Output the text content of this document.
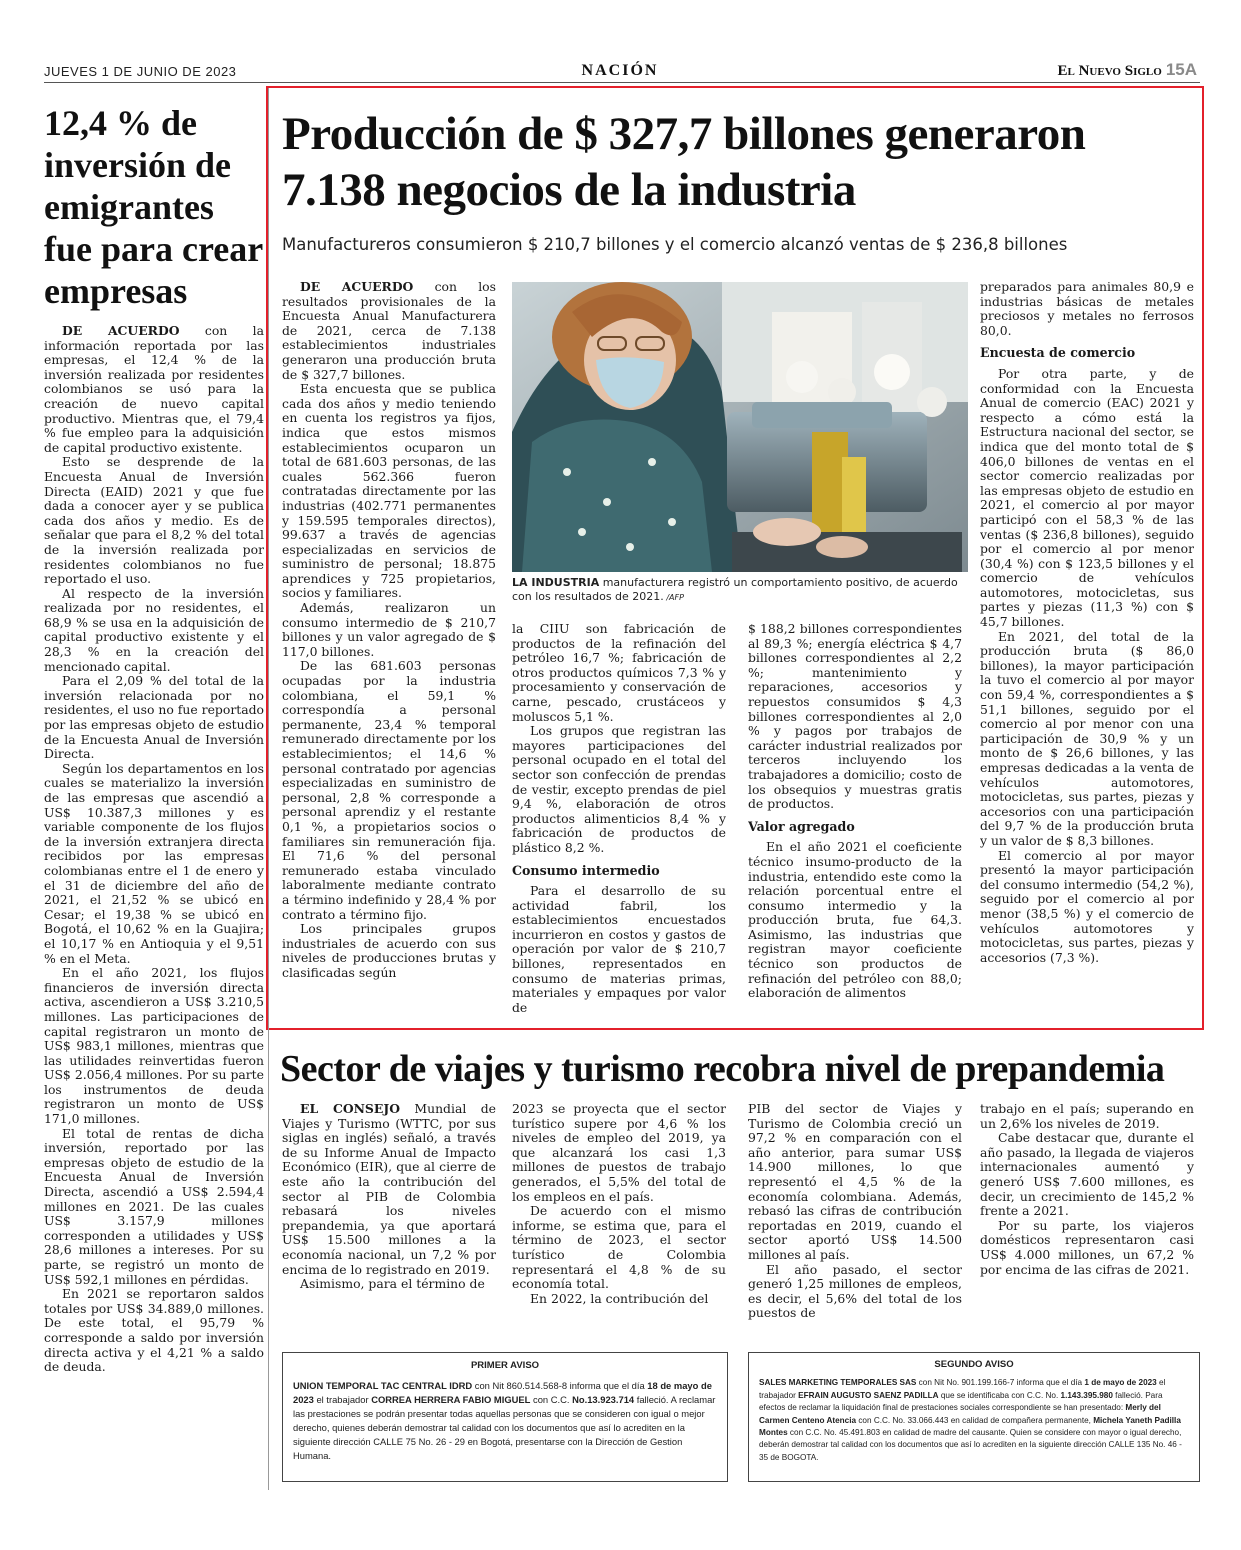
JUEVES 1 DE JUNIO DE 2023	NACIÓN	El Nuevo Siglo 15A
12,4 % de inversión de emigrantes fue para crear empresas

DE ACUERDO con la información reportada por las empresas, el 12,4 % de la inversión realizada por residentes colombianos se usó para la creación de nuevo capital productivo. Mientras que, el 79,4 % fue empleo para la adquisición de capital productivo existente.

Esto se desprende de la Encuesta Anual de Inversión Directa (EAID) 2021 y que fue dada a conocer ayer y se publica cada dos años y medio. Es de señalar que para el 8,2 % del total de la inversión realizada por residentes colombianos no fue reportado el uso.

Al respecto de la inversión realizada por no residentes, el 68,9 % se usa en la adquisición de capital productivo existente y el 28,3 % en la creación del mencionado capital.

Para el 2,09 % del total de la inversión relacionada por no residentes, el uso no fue reportado por las empresas objeto de estudio de la Encuesta Anual de Inversión Directa.

Según los departamentos en los cuales se materializo la inversión de las empresas que ascendió a US$ 10.387,3 millones y es variable componente de los flujos de la inversión extranjera directa recibidos por las empresas colombianas entre el 1 de enero y el 31 de diciembre del año de 2021, el 21,52 % se ubicó en Cesar; el 19,38 % se ubicó en Bogotá, el 10,62 % en la Guajira; el 10,17 % en Antioquia y el 9,51 % en el Meta.

En el año 2021, los flujos financieros de inversión directa activa, ascendieron a US$ 3.210,5 millones. Las participaciones de capital registraron un monto de US$ 983,1 millones, mientras que las utilidades reinvertidas fueron US$ 2.056,4 millones. Por su parte los instrumentos de deuda registraron un monto de US$ 171,0 millones.

El total de rentas de dicha inversión, reportado por las empresas objeto de estudio de la Encuesta Anual de Inversión Directa, ascendió a US$ 2.594,4 millones en 2021. De las cuales US$ 3.157,9 millones corresponden a utilidades y US$ 28,6 millones a intereses. Por su parte, se registró un monto de US$ 592,1 millones en pérdidas.

En 2021 se reportaron saldos totales por US$ 34.889,0 millones. De este total, el 95,79 % corresponde a saldo por inversión directa activa y el 4,21 % a saldo de deuda.

Producción de $ 327,7 billones generaron 7.138 negocios de la industria
Manufactureros consumieron $ 210,7 billones y el comercio alcanzó ventas de $ 236,8 billones

DE ACUERDO con los resultados provisionales de la Encuesta Anual Manufacturera de 2021, cerca de 7.138 establecimientos industriales generaron una producción bruta de $ 327,7 billones.

Esta encuesta que se publica cada dos años y medio teniendo en cuenta los registros ya fijos, indica que estos mismos establecimientos ocuparon un total de 681.603 personas, de las cuales 562.366 fueron contratadas directamente por las industrias (402.771 permanentes y 159.595 temporales directos), 99.637 a través de agencias especializadas en servicios de suministro de personal; 18.875 aprendices y 725 propietarios, socios y familiares.

Además, realizaron un consumo intermedio de $ 210,7 billones y un valor agregado de $ 117,0 billones.

De las 681.603 personas ocupadas por la industria colombiana, el 59,1 % correspondía a personal permanente, 23,4 % temporal remunerado directamente por los establecimientos; el 14,6 % personal contratado por agencias especializadas en suministro de personal, 2,8 % corresponde a personal aprendiz y el restante 0,1 %, a propietarios socios o familiares sin remuneración fija. El 71,6 % del personal remunerado estaba vinculado laboralmente mediante contrato a término indefinido y 28,4 % por contrato a término fijo.

Los principales grupos industriales de acuerdo con sus niveles de producciones brutas y clasificadas según

LA INDUSTRIA manufacturera registró un comportamiento positivo, de acuerdo con los resultados de 2021. /AFP

la CIIU son fabricación de productos de la refinación del petróleo 16,7 %; fabricación de otros productos químicos 7,3 % y procesamiento y conservación de carne, pescado, crustáceos y moluscos 5,1 %.

Los grupos que registran las mayores participaciones del personal ocupado en el total del sector son confección de prendas de vestir, excepto prendas de piel 9,4 %, elaboración de otros productos alimenticios 8,4 % y fabricación de productos de plástico 8,2 %.

Consumo intermedio

Para el desarrollo de su actividad fabril, los establecimientos encuestados incurrieron en costos y gastos de operación por valor de $ 210,7 billones, representados en consumo de materias primas, materiales y empaques por valor de

$ 188,2 billones correspondientes al 89,3 %; energía eléctrica $ 4,7 billones correspondientes al 2,2 %; mantenimiento y reparaciones, accesorios y repuestos consumidos $ 4,3 billones correspondientes al 2,0 % y pagos por trabajos de carácter industrial realizados por terceros incluyendo los trabajadores a domicilio; costo de los obsequios y muestras gratis de productos.

Valor agregado

En el año 2021 el coeficiente técnico insumo-producto de la industria, entendido este como la relación porcentual entre el consumo intermedio y la producción bruta, fue 64,3. Asimismo, las industrias que registran mayor coeficiente técnico son productos de refinación del petróleo con 88,0; elaboración de alimentos

preparados para animales 80,9 e industrias básicas de metales preciosos y metales no ferrosos 80,0.

Encuesta de comercio

Por otra parte, y de conformidad con la Encuesta Anual de comercio (EAC) 2021 y respecto a cómo está la Estructura nacional del sector, se indica que del monto total de $ 406,0 billones de ventas en el sector comercio realizadas por las empresas objeto de estudio en 2021, el comercio al por mayor participó con el 58,3 % de las ventas ($ 236,8 billones), seguido por el comercio al por menor (30,4 %) con $ 123,5 billones y el comercio de vehículos automotores, motocicletas, sus partes y piezas (11,3 %) con $ 45,7 billones.

En 2021, del total de la producción bruta ($ 86,0 billones), la mayor participación la tuvo el comercio al por mayor con 59,4 %, correspondientes a $ 51,1 billones, seguido por el comercio al por menor con una participación de 30,9 % y un monto de $ 26,6 billones, y las empresas dedicadas a la venta de vehículos automotores, motocicletas, sus partes, piezas y accesorios con una participación del 9,7 % de la producción bruta y un valor de $ 8,3 billones.

El comercio al por mayor presentó la mayor participación del consumo intermedio (54,2 %), seguido por el comercio al por menor (38,5 %) y el comercio de vehículos automotores y motocicletas, sus partes, piezas y accesorios (7,3 %).

Sector de viajes y turismo recobra nivel de prepandemia

EL CONSEJO Mundial de Viajes y Turismo (WTTC, por sus siglas en inglés) señaló, a través de su Informe Anual de Impacto Económico (EIR), que al cierre de este año la contribución del sector al PIB de Colombia rebasará los niveles prepandemia, ya que aportará US$ 15.500 millones a la economía nacional, un 7,2 % por encima de lo registrado en 2019.

Asimismo, para el término de

2023 se proyecta que el sector turístico supere por 4,6 % los niveles de empleo del 2019, ya que alcanzará los casi 1,3 millones de puestos de trabajo generados, el 5,5% del total de los empleos en el país.

De acuerdo con el mismo informe, se estima que, para el término de 2023, el sector turístico de Colombia representará el 4,8 % de su economía total.

En 2022, la contribución del

PIB del sector de Viajes y Turismo de Colombia creció un 97,2 % en comparación con el año anterior, para sumar US$ 14.900 millones, lo que representó el 4,5 % de la economía colombiana. Además, rebasó las cifras de contribución reportadas en 2019, cuando el sector aportó US$ 14.500 millones al país.

El año pasado, el sector generó 1,25 millones de empleos, es decir, el 5,6% del total de los puestos de

trabajo en el país; superando en un 2,6% los niveles de 2019.

Cabe destacar que, durante el año pasado, la llegada de viajeros internacionales aumentó y generó US$ 7.600 millones, es decir, un crecimiento de 145,2 % frente a 2021.

Por su parte, los viajeros domésticos representaron casi US$ 4.000 millones, un 67,2 % por encima de las cifras de 2021.

PRIMER AVISO
UNION TEMPORAL TAC CENTRAL IDRD con Nit 860.514.568-8 informa que el día 18 de mayo de 2023 el trabajador CORREA HERRERA FABIO MIGUEL con C.C. No.13.923.714 falleció. A reclamar las prestaciones se podrán presentar todas aquellas personas que se consideren con igual o mejor derecho, quienes deberán demostrar tal calidad con los documentos que así lo acrediten en la siguiente dirección CALLE 75 No. 26 - 29 en Bogotá, presentarse con la Dirección de Gestion Humana.
SEGUNDO AVISO
SALES MARKETING TEMPORALES SAS con Nit No. 901.199.166-7 informa que el día 1 de mayo de 2023 el trabajador EFRAIN AUGUSTO SAENZ PADILLA que se identificaba con C.C. No. 1.143.395.980 falleció. Para efectos de reclamar la liquidación final de prestaciones sociales correspondiente se han presentado: Merly del Carmen Centeno Atencia con C.C. No. 33.066.443 en calidad de compañera permanente, Michela Yaneth Padilla Montes con C.C. No. 45.491.803 en calidad de madre del causante. Quien se considere con mayor o igual derecho, deberán demostrar tal calidad con los documentos que así lo acrediten en la siguiente dirección CALLE 135 No. 46 - 35 de BOGOTA.
